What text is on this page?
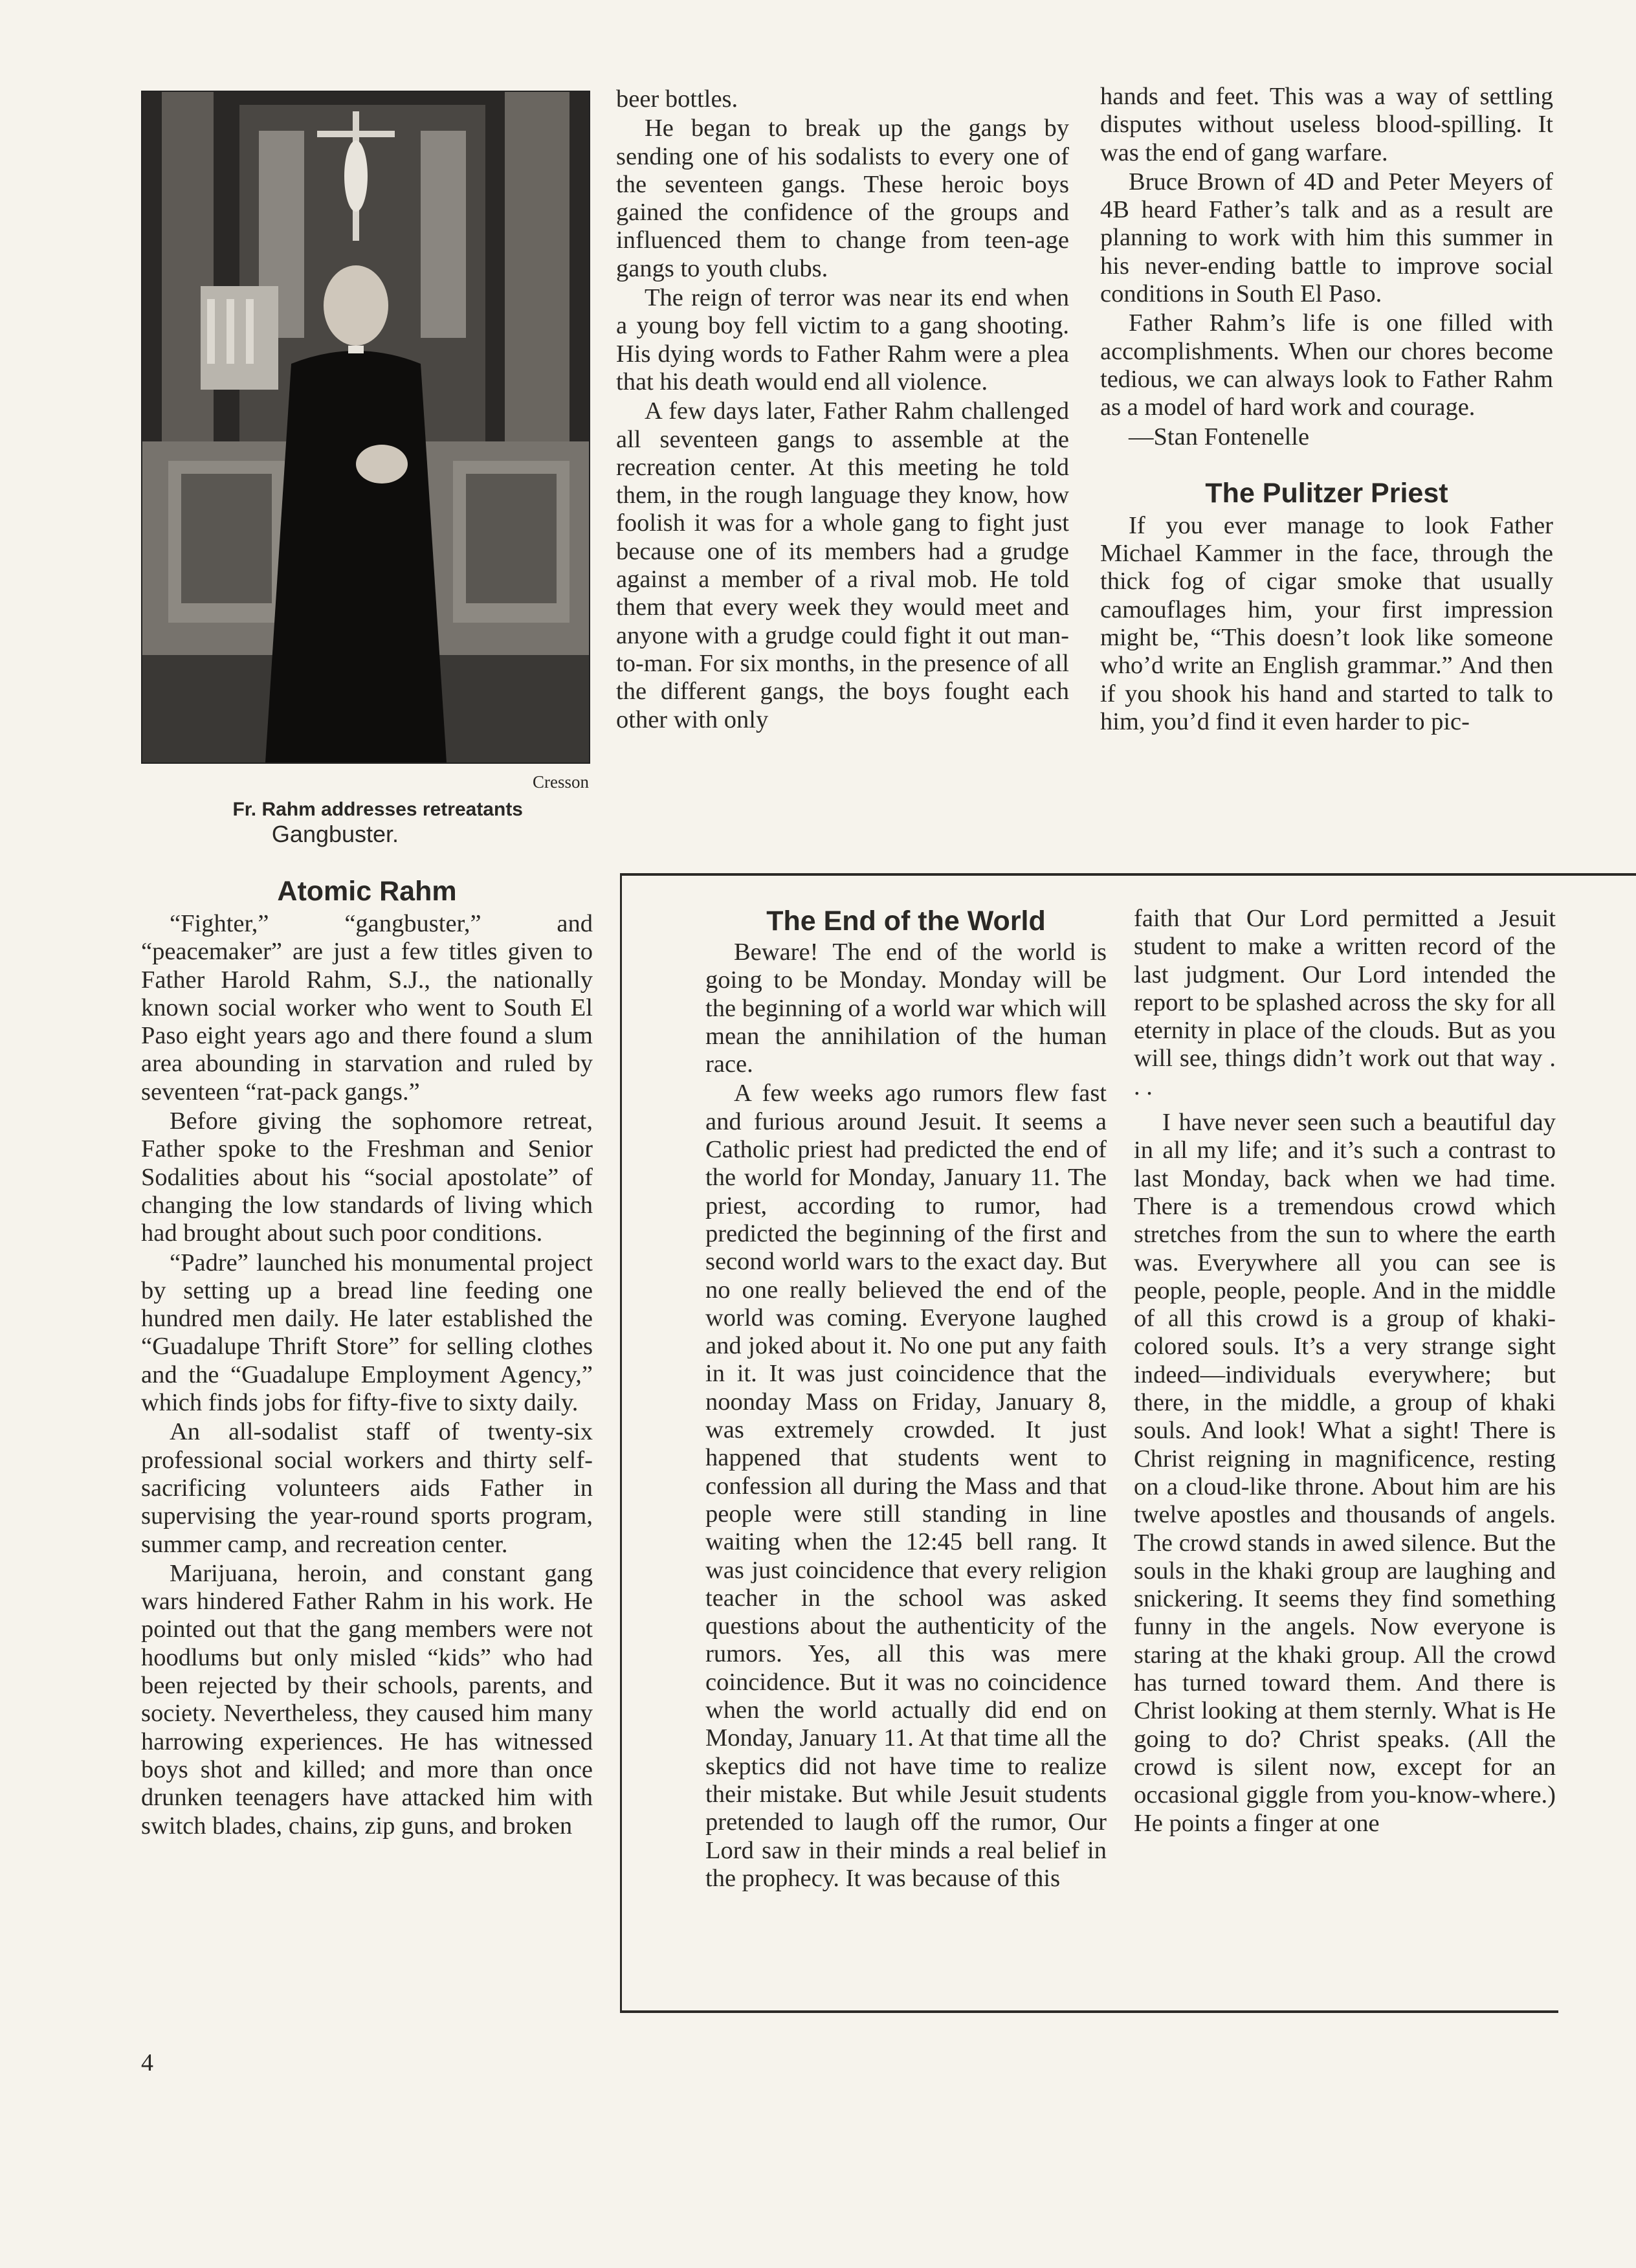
Cresson
Fr. Rahm addresses retreatants
Gangbuster.
Atomic Rahm

“Fighter,” “gangbuster,” and “peacemaker” are just a few titles given to Father Harold Rahm, S.J., the nationally known social worker who went to South El Paso eight years ago and there found a slum area abounding in starvation and ruled by seventeen “rat-pack gangs.”

Before giving the sophomore retreat, Father spoke to the Freshman and Senior Sodalities about his “social apostolate” of changing the low standards of living which had brought about such poor conditions.

“Padre” launched his monumental project by setting up a bread line feeding one hundred men daily. He later established the “Guadalupe Thrift Store” for selling clothes and the “Guadalupe Employment Agency,” which finds jobs for fifty-five to sixty daily.

An all-sodalist staff of twenty-six professional social workers and thirty self-sacrificing volunteers aids Father in supervising the year-round sports program, summer camp, and recreation center.

Marijuana, heroin, and constant gang wars hindered Father Rahm in his work. He pointed out that the gang members were not hoodlums but only misled “kids” who had been rejected by their schools, parents, and society. Nevertheless, they caused him many harrowing experiences. He has witnessed boys shot and killed; and more than once drunken teenagers have attacked him with switch blades, chains, zip guns, and broken

beer bottles.

He began to break up the gangs by sending one of his sodalists to every one of the seventeen gangs. These heroic boys gained the confidence of the groups and influenced them to change from teen-age gangs to youth clubs.

The reign of terror was near its end when a young boy fell victim to a gang shooting. His dying words to Father Rahm were a plea that his death would end all violence.

A few days later, Father Rahm challenged all seventeen gangs to assemble at the recreation center. At this meeting he told them, in the rough language they know, how foolish it was for a whole gang to fight just because one of its members had a grudge against a member of a rival mob. He told them that every week they would meet and anyone with a grudge could fight it out man-to-man. For six months, in the presence of all the different gangs, the boys fought each other with only

hands and feet. This was a way of settling disputes without useless blood-spilling. It was the end of gang warfare.

Bruce Brown of 4D and Peter Meyers of 4B heard Father’s talk and as a result are planning to work with him this summer in his never-ending battle to improve social conditions in South El Paso.

Father Rahm’s life is one filled with accomplishments. When our chores become tedious, we can always look to Father Rahm as a model of hard work and courage.

—Stan Fontenelle

The Pulitzer Priest

If you ever manage to look Father Michael Kammer in the face, through the thick fog of cigar smoke that usually camouflages him, your first impression might be, “This doesn’t look like someone who’d write an English grammar.” And then if you shook his hand and started to talk to him, you’d find it even harder to pic-

The End of the World

Beware! The end of the world is going to be Monday. Monday will be the beginning of a world war which will mean the annihilation of the human race.

A few weeks ago rumors flew fast and furious around Jesuit. It seems a Catholic priest had predicted the end of the world for Monday, January 11. The priest, according to rumor, had predicted the beginning of the first and second world wars to the exact day. But no one really believed the end of the world was coming. Everyone laughed and joked about it. No one put any faith in it. It was just coincidence that the noonday Mass on Friday, January 8, was extremely crowded. It just happened that students went to confession all during the Mass and that people were still standing in line waiting when the 12:45 bell rang. It was just coincidence that every religion teacher in the school was asked questions about the authenticity of the rumors. Yes, all this was mere coincidence. But it was no coincidence when the world actually did end on Monday, January 11. At that time all the skeptics did not have time to realize their mistake. But while Jesuit students pretended to laugh off the rumor, Our Lord saw in their minds a real belief in the prophecy. It was because of this

faith that Our Lord permitted a Jesuit student to make a written record of the last judgment. Our Lord intended the report to be splashed across the sky for all eternity in place of the clouds. But as you will see, things didn’t work out that way . . .

I have never seen such a beautiful day in all my life; and it’s such a contrast to last Monday, back when we had time. There is a tremendous crowd which stretches from the sun to where the earth was. Everywhere all you can see is people, people, people. And in the middle of all this crowd is a group of khaki-colored souls. It’s a very strange sight indeed—individuals everywhere; but there, in the middle, a group of khaki souls. And look! What a sight! There is Christ reigning in magnificence, resting on a cloud-like throne. About him are his twelve apostles and thousands of angels. The crowd stands in awed silence. But the souls in the khaki group are laughing and snickering. It seems they find something funny in the angels. Now everyone is staring at the khaki group. All the crowd has turned toward them. And there is Christ looking at them sternly. What is He going to do? Christ speaks. (All the crowd is silent now, except for an occasional giggle from you-know-where.) He points a finger at one

4
